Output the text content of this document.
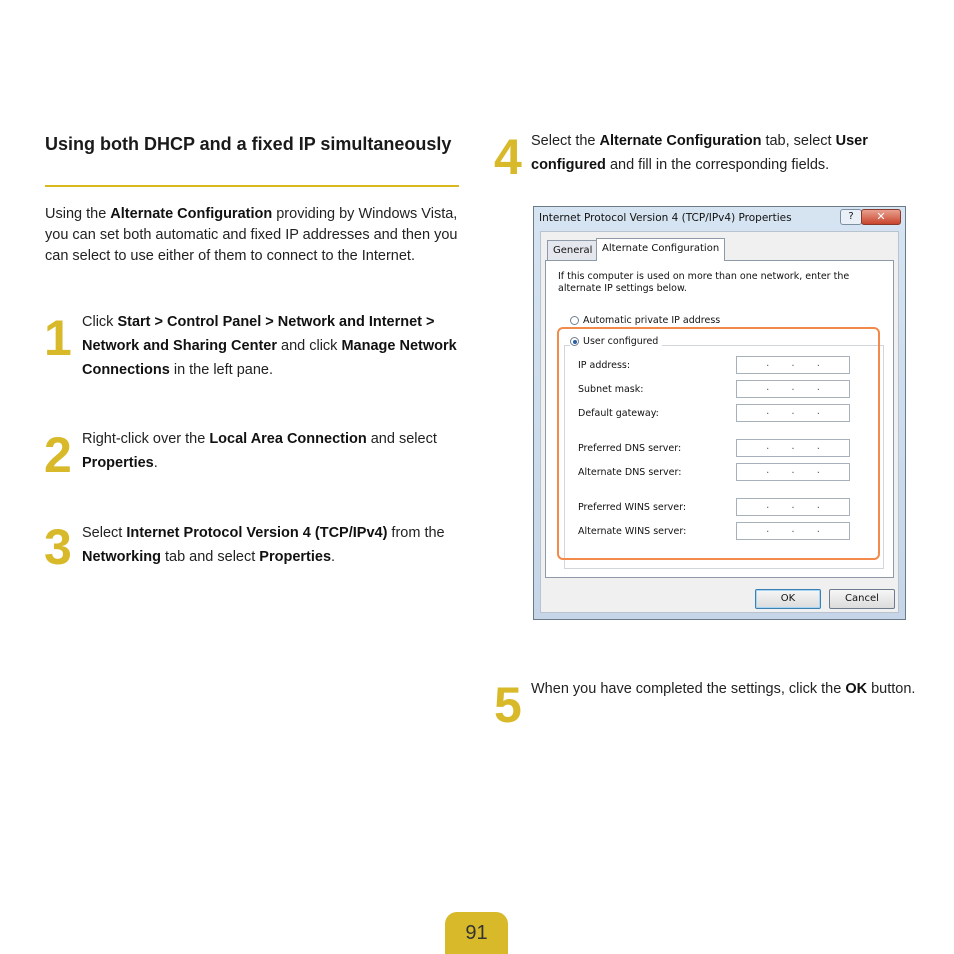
Using both DHCP and a fixed IP simultaneously
Using the Alternate Configuration providing by Windows Vista, you can set both automatic and fixed IP addresses and then you can select to use either of them to connect to the Internet.
1 Click Start > Control Panel > Network and Internet > Network and Sharing Center and click Manage Network Connections in the left pane.
2 Right-click over the Local Area Connection and select Properties.
3 Select Internet Protocol Version 4 (TCP/IPv4) from the Networking tab and select Properties.
4 Select the Alternate Configuration tab, select User configured and fill in the corresponding fields.
Internet Protocol Version 4 (TCP/IPv4) Properties	?	✕
General Alternate Configuration
If this computer is used on more than one network, enter the alternate IP settings below.
Automatic private IP address
User configured
IP address:	. . .
Subnet mask:	. . .
Default gateway:	. . .
Preferred DNS server:	. . .
Alternate DNS server:	. . .
Preferred WINS server:	. . .
Alternate WINS server:	. . .
OK	Cancel
5 When you have completed the settings, click the OK button.
91
